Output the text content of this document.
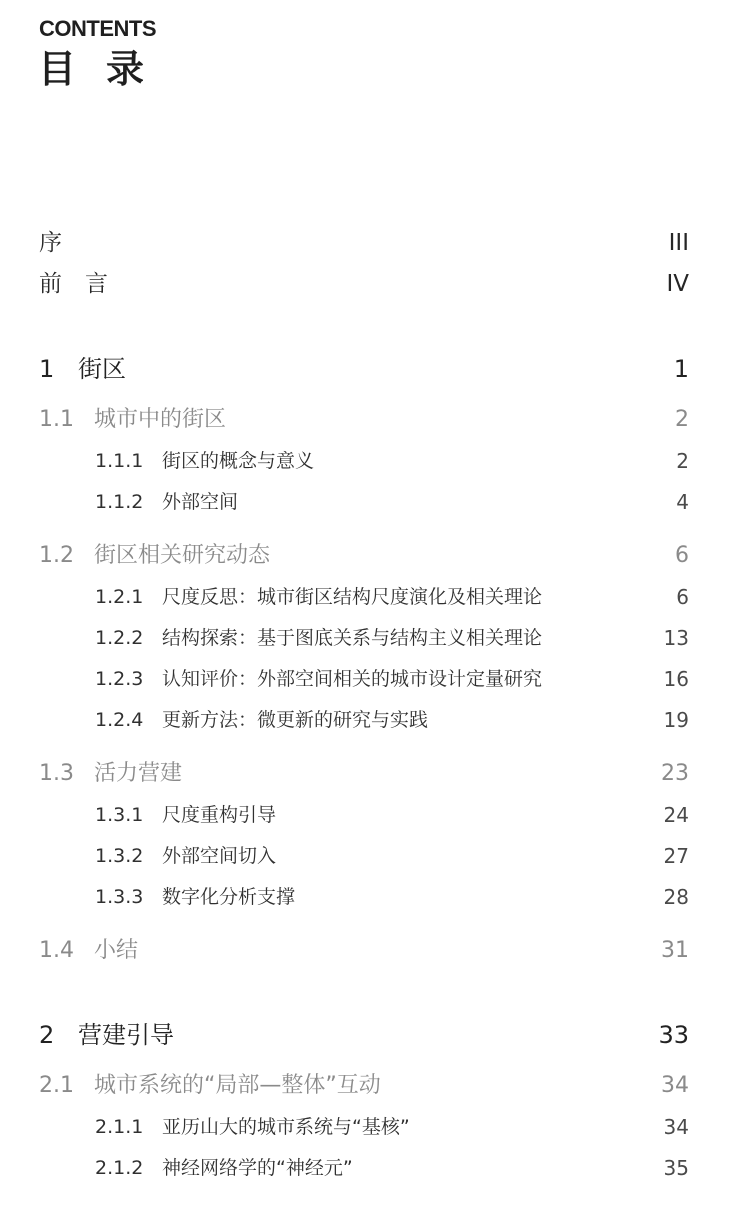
CONTENTS
目录
序	III
前　言	IV
1 街区	1
1.1 城市中的街区	2
1.1.1 街区的概念与意义	2
1.1.2 外部空间	4
1.2 街区相关研究动态	6
1.2.1 尺度反思：城市街区结构尺度演化及相关理论	6
1.2.2 结构探索：基于图底关系与结构主义相关理论	13
1.2.3 认知评价：外部空间相关的城市设计定量研究	16
1.2.4 更新方法：微更新的研究与实践	19
1.3 活力营建	23
1.3.1 尺度重构引导	24
1.3.2 外部空间切入	27
1.3.3 数字化分析支撑	28
1.4 小结	31
2 营建引导	33
2.1 城市系统的“局部—整体”互动	34
2.1.1 亚历山大的城市系统与“基核”	34
2.1.2 神经网络学的“神经元”	35
